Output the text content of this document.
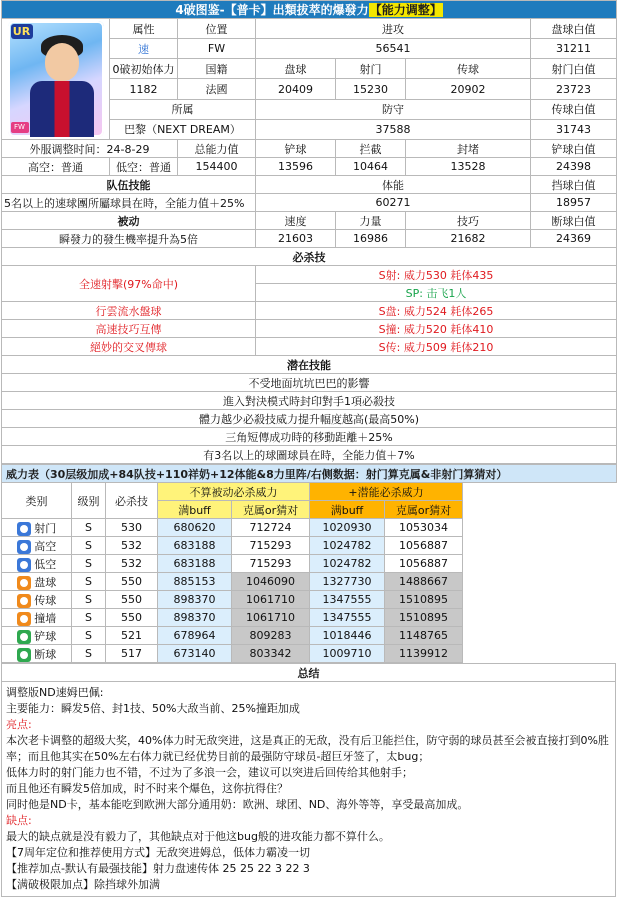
4破图鉴-【普卡】出類拔萃的爆發力【能力调整】						

UR
FW	属性	位置	进攻			盘球白值
	速	FW	56541			31211
	0破初始体力	国籍	盘球	射门	传球	射门白值
	1182	法國	20409	15230	20902	23723
	所属		防守			传球白值
	巴黎（NEXT DREAM）		37588			31743
外服调整时间：24-8-29		总能力值	铲球	拦截	封堵	铲球白值
高空：普通	低空：普通	154400	13596	10464	13528	24398
队伍技能			体能			挡球白值
5名以上的速球團所屬球員在時，全能力值＋25%			60271			18957
被动			速度	力量	技巧	断球白值
瞬發力的發生機率提升為5倍			21603	16986	21682	24369
必杀技						
全速射擊(97%命中)			S射: 威力530 耗体435			
			SP: 击飞1人			
行雲流水盤球			S盘: 威力524 耗体265			
高速技巧互傳			S撞: 威力520 耗体410			
絕妙的交叉傳球			S传: 威力509 耗体210			
潜在技能						
不受地面坑坑巴巴的影響						
進入對決模式時封印對手1項必殺技						
體力越少必殺技威力提升幅度越高(最高50%)						
三角短傳成功時的移動距離＋25%						
有3名以上的球圖球員在時，全能力值＋7%						
威力表（30层级加成+84队技+110祥奶+12体能&8力里阵/右侧数据：射门算克属&非射门算猜对）							
类别	级别	必杀技	不算被动必杀威力		+潜能必杀威力		
			满buff	克属or猜对	满buff	克属or猜对	
射门	S	530	680620	712724	1020930	1053034	
高空	S	532	683188	715293	1024782	1056887	
低空	S	532	683188	715293	1024782	1056887	
盘球	S	550	885153	1046090	1327730	1488667	
传球	S	550	898370	1061710	1347555	1510895	
撞墙	S	550	898370	1061710	1347555	1510895	
铲球	S	521	678964	809283	1018446	1148765	
断球	S	517	673140	803342	1009710	1139912	
总结
调整版ND速姆巴佩:
主要能力：瞬发5倍、封1技、50%大敌当前、25%撞距加成
亮点:
本次老卡调整的超级大奖，40%体力时无敌突进，这是真正的无敌，没有后卫能拦住，防守弱的球员甚至会被直接打到0%胜率；而且他其实在50%左右体力就已经优势目前的最强防守球员-超巨牙签了，太bug；
低体力时的射门能力也不错，不过为了多浪一会，建议可以突进后回传给其他射手；
而且他还有瞬发5倍加成，时不时来个爆色，这你抗得住？
同时他是ND卡，基本能吃到欧洲大部分通用奶：欧洲、球团、ND、海外等等，享受最高加成。
缺点:
最大的缺点就是没有毅力了，其他缺点对于他这bug般的进攻能力都不算什么。
【7周年定位和推荐使用方式】无敌突进姆总，低体力霸凌一切
【推荐加点-默认有最强技能】射力盘速传体 25 25 22 3 22 3
【满破极限加点】除挡球外加满
